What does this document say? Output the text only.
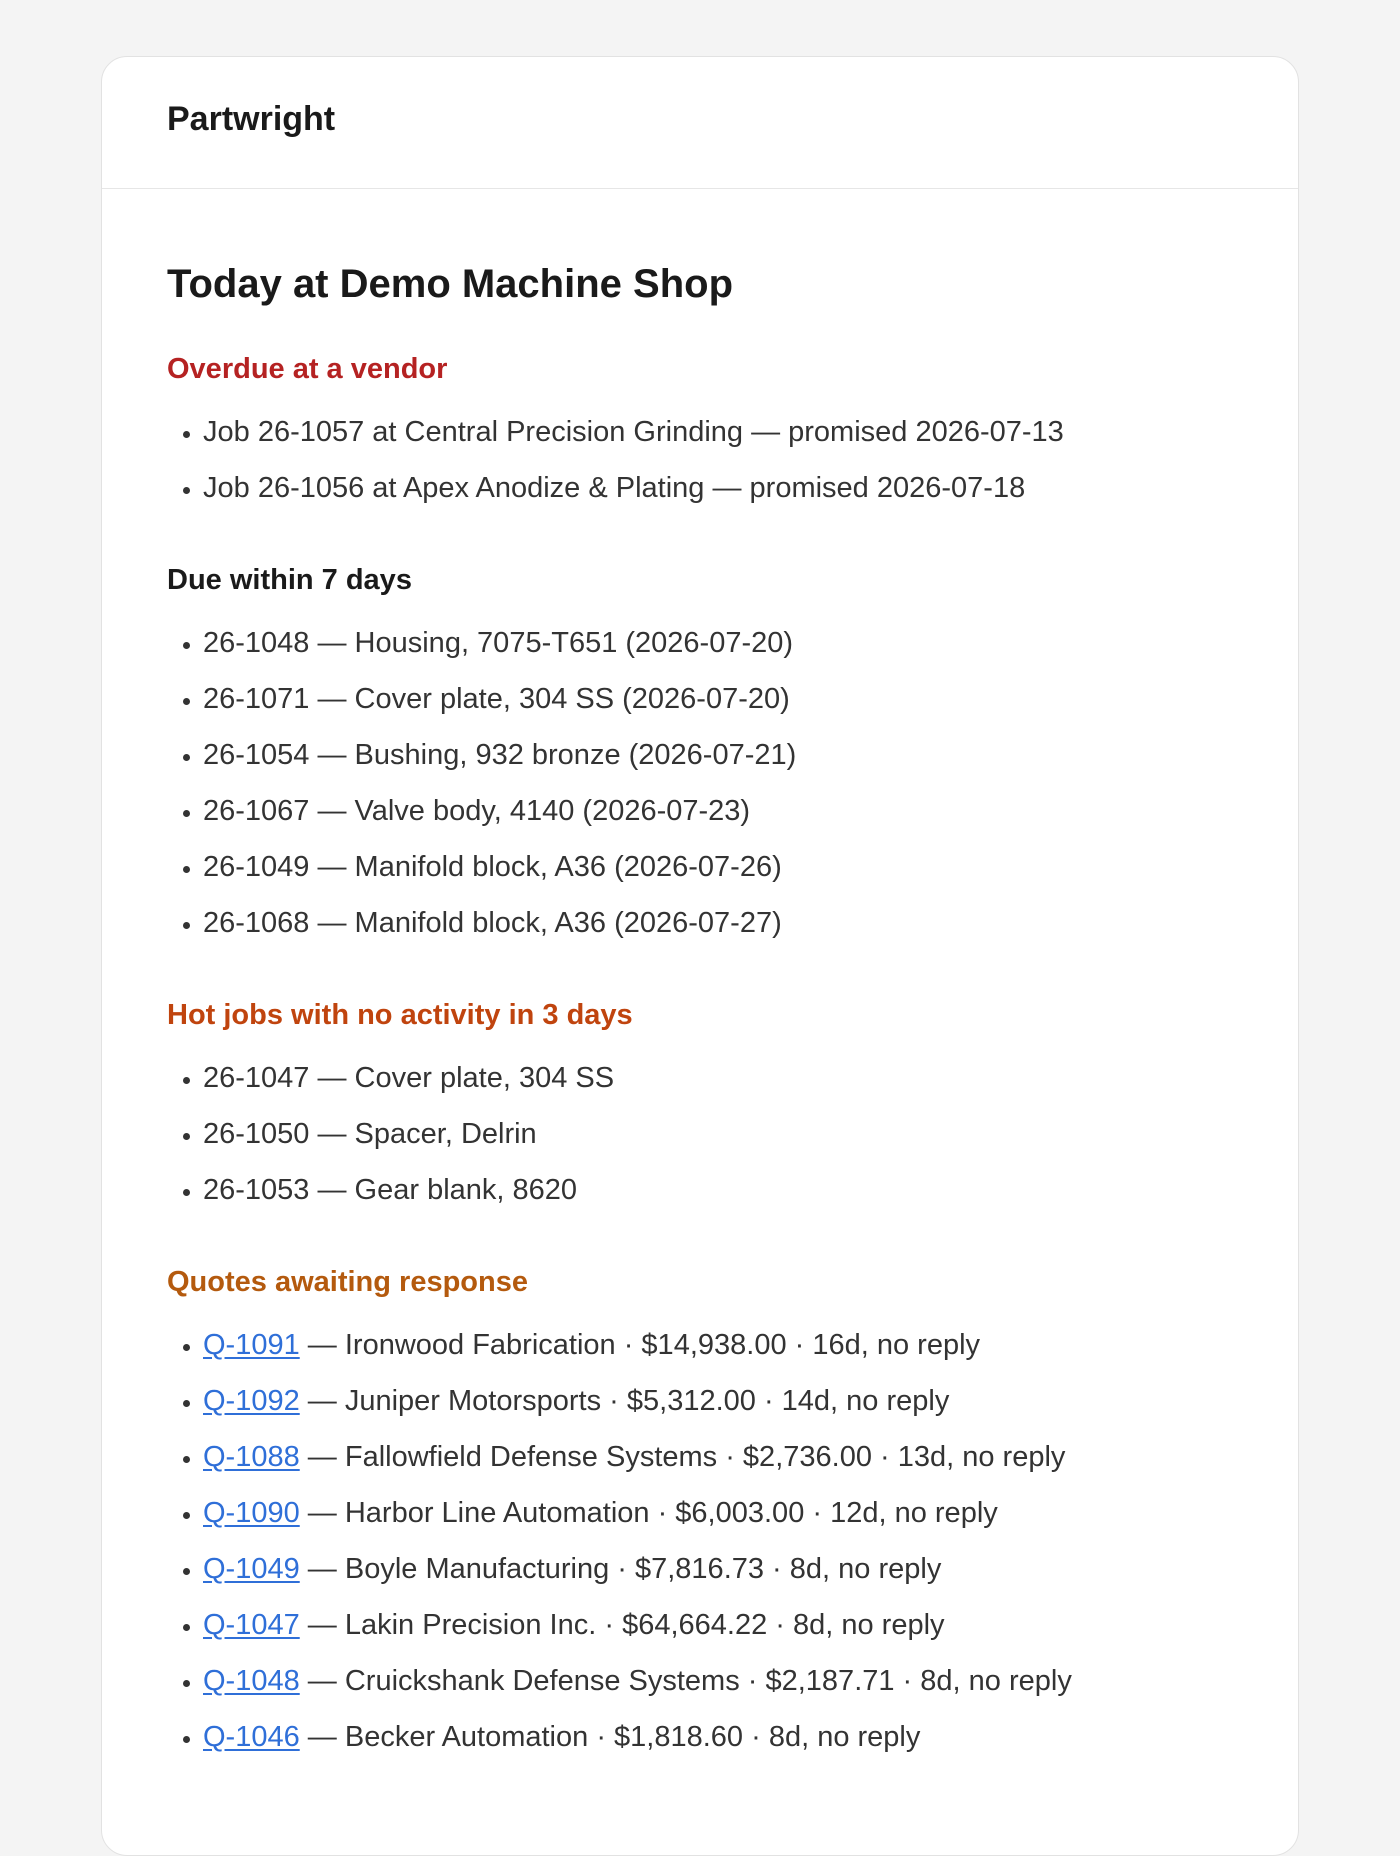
Partwright
Today at Demo Machine Shop
Overdue at a vendor
• Job 26-1057 at Central Precision Grinding — promised 2026-07-13
• Job 26-1056 at Apex Anodize & Plating — promised 2026-07-18
Due within 7 days
• 26-1048 — Housing, 7075-T651 (2026-07-20)
• 26-1071 — Cover plate, 304 SS (2026-07-20)
• 26-1054 — Bushing, 932 bronze (2026-07-21)
• 26-1067 — Valve body, 4140 (2026-07-23)
• 26-1049 — Manifold block, A36 (2026-07-26)
• 26-1068 — Manifold block, A36 (2026-07-27)
Hot jobs with no activity in 3 days
• 26-1047 — Cover plate, 304 SS
• 26-1050 — Spacer, Delrin
• 26-1053 — Gear blank, 8620
Quotes awaiting response
• Q-1091 — Ironwood Fabrication · $14,938.00 · 16d, no reply
• Q-1092 — Juniper Motorsports · $5,312.00 · 14d, no reply
• Q-1088 — Fallowfield Defense Systems · $2,736.00 · 13d, no reply
• Q-1090 — Harbor Line Automation · $6,003.00 · 12d, no reply
• Q-1049 — Boyle Manufacturing · $7,816.73 · 8d, no reply
• Q-1047 — Lakin Precision Inc. · $64,664.22 · 8d, no reply
• Q-1048 — Cruickshank Defense Systems · $2,187.71 · 8d, no reply
• Q-1046 — Becker Automation · $1,818.60 · 8d, no reply
